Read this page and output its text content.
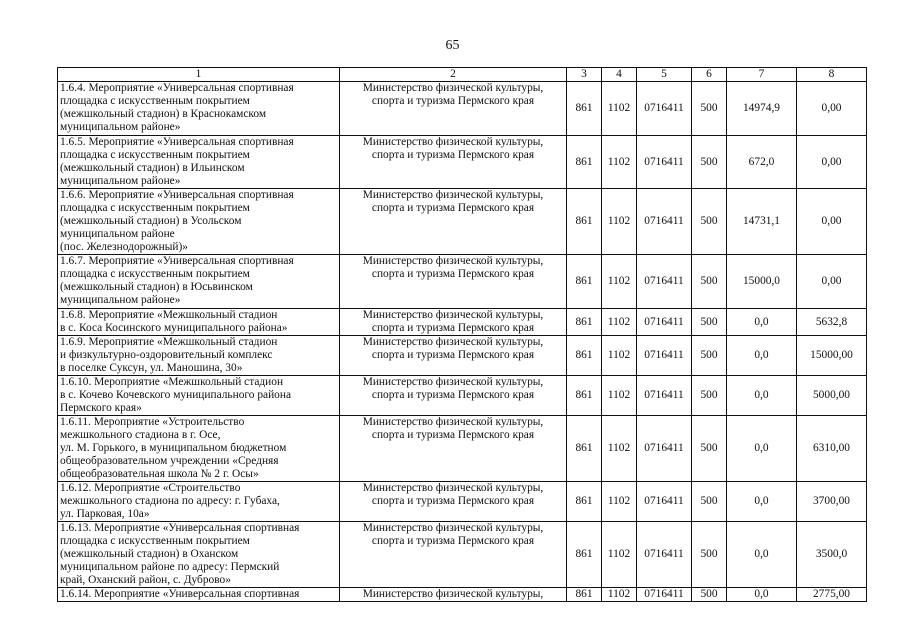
65
1	2	3	4	5	6	7	8
1.6.4. Мероприятие «Универсальная спортивная
площадка с искусственным покрытием
(межшкольный стадион) в Краснокамском
муниципальном районе»	Министерство физической культуры,
спорта и туризма Пермского края	861	1102	0716411	500	14974,9	0,00
1.6.5. Мероприятие «Универсальная спортивная
площадка с искусственным покрытием
(межшкольный стадион) в Ильинском
муниципальном районе»	Министерство физической культуры,
спорта и туризма Пермского края	861	1102	0716411	500	672,0	0,00
1.6.6. Мероприятие «Универсальная спортивная
площадка с искусственным покрытием
(межшкольный стадион) в Усольском
муниципальном районе
(пос. Железнодорожный)»	Министерство физической культуры,
спорта и туризма Пермского края	861	1102	0716411	500	14731,1	0,00
1.6.7. Мероприятие «Универсальная спортивная
площадка с искусственным покрытием
(межшкольный стадион) в Юсьвинском
муниципальном районе»	Министерство физической культуры,
спорта и туризма Пермского края	861	1102	0716411	500	15000,0	0,00
1.6.8. Мероприятие «Межшкольный стадион
в с. Коса Косинского муниципального района»	Министерство физической культуры,
спорта и туризма Пермского края	861	1102	0716411	500	0,0	5632,8
1.6.9. Мероприятие «Межшкольный стадион
и физкультурно-оздоровительный комплекс
в поселке Суксун, ул. Маношина, 30»	Министерство физической культуры,
спорта и туризма Пермского края	861	1102	0716411	500	0,0	15000,00
1.6.10. Мероприятие «Межшкольный стадион
в с. Кочево Кочевского муниципального района
Пермского края»	Министерство физической культуры,
спорта и туризма Пермского края	861	1102	0716411	500	0,0	5000,00
1.6.11. Мероприятие «Устроительство
межшкольного стадиона в г. Осе,
ул. М. Горького, в муниципальном бюджетном
общеобразовательном учреждении «Средняя
общеобразовательная школа № 2 г. Осы»	Министерство физической культуры,
спорта и туризма Пермского края	861	1102	0716411	500	0,0	6310,00
1.6.12. Мероприятие «Строительство
межшкольного стадиона по адресу: г. Губаха,
ул. Парковая, 10а»	Министерство физической культуры,
спорта и туризма Пермского края	861	1102	0716411	500	0,0	3700,00
1.6.13. Мероприятие «Универсальная спортивная
площадка с искусственным покрытием
(межшкольный стадион) в Оханском
муниципальном районе по адресу: Пермский
край, Оханский район, с. Дуброво»	Министерство физической культуры,
спорта и туризма Пермского края	861	1102	0716411	500	0,0	3500,0
1.6.14. Мероприятие «Универсальная спортивная	Министерство физической культуры,	861	1102	0716411	500	0,0	2775,00
